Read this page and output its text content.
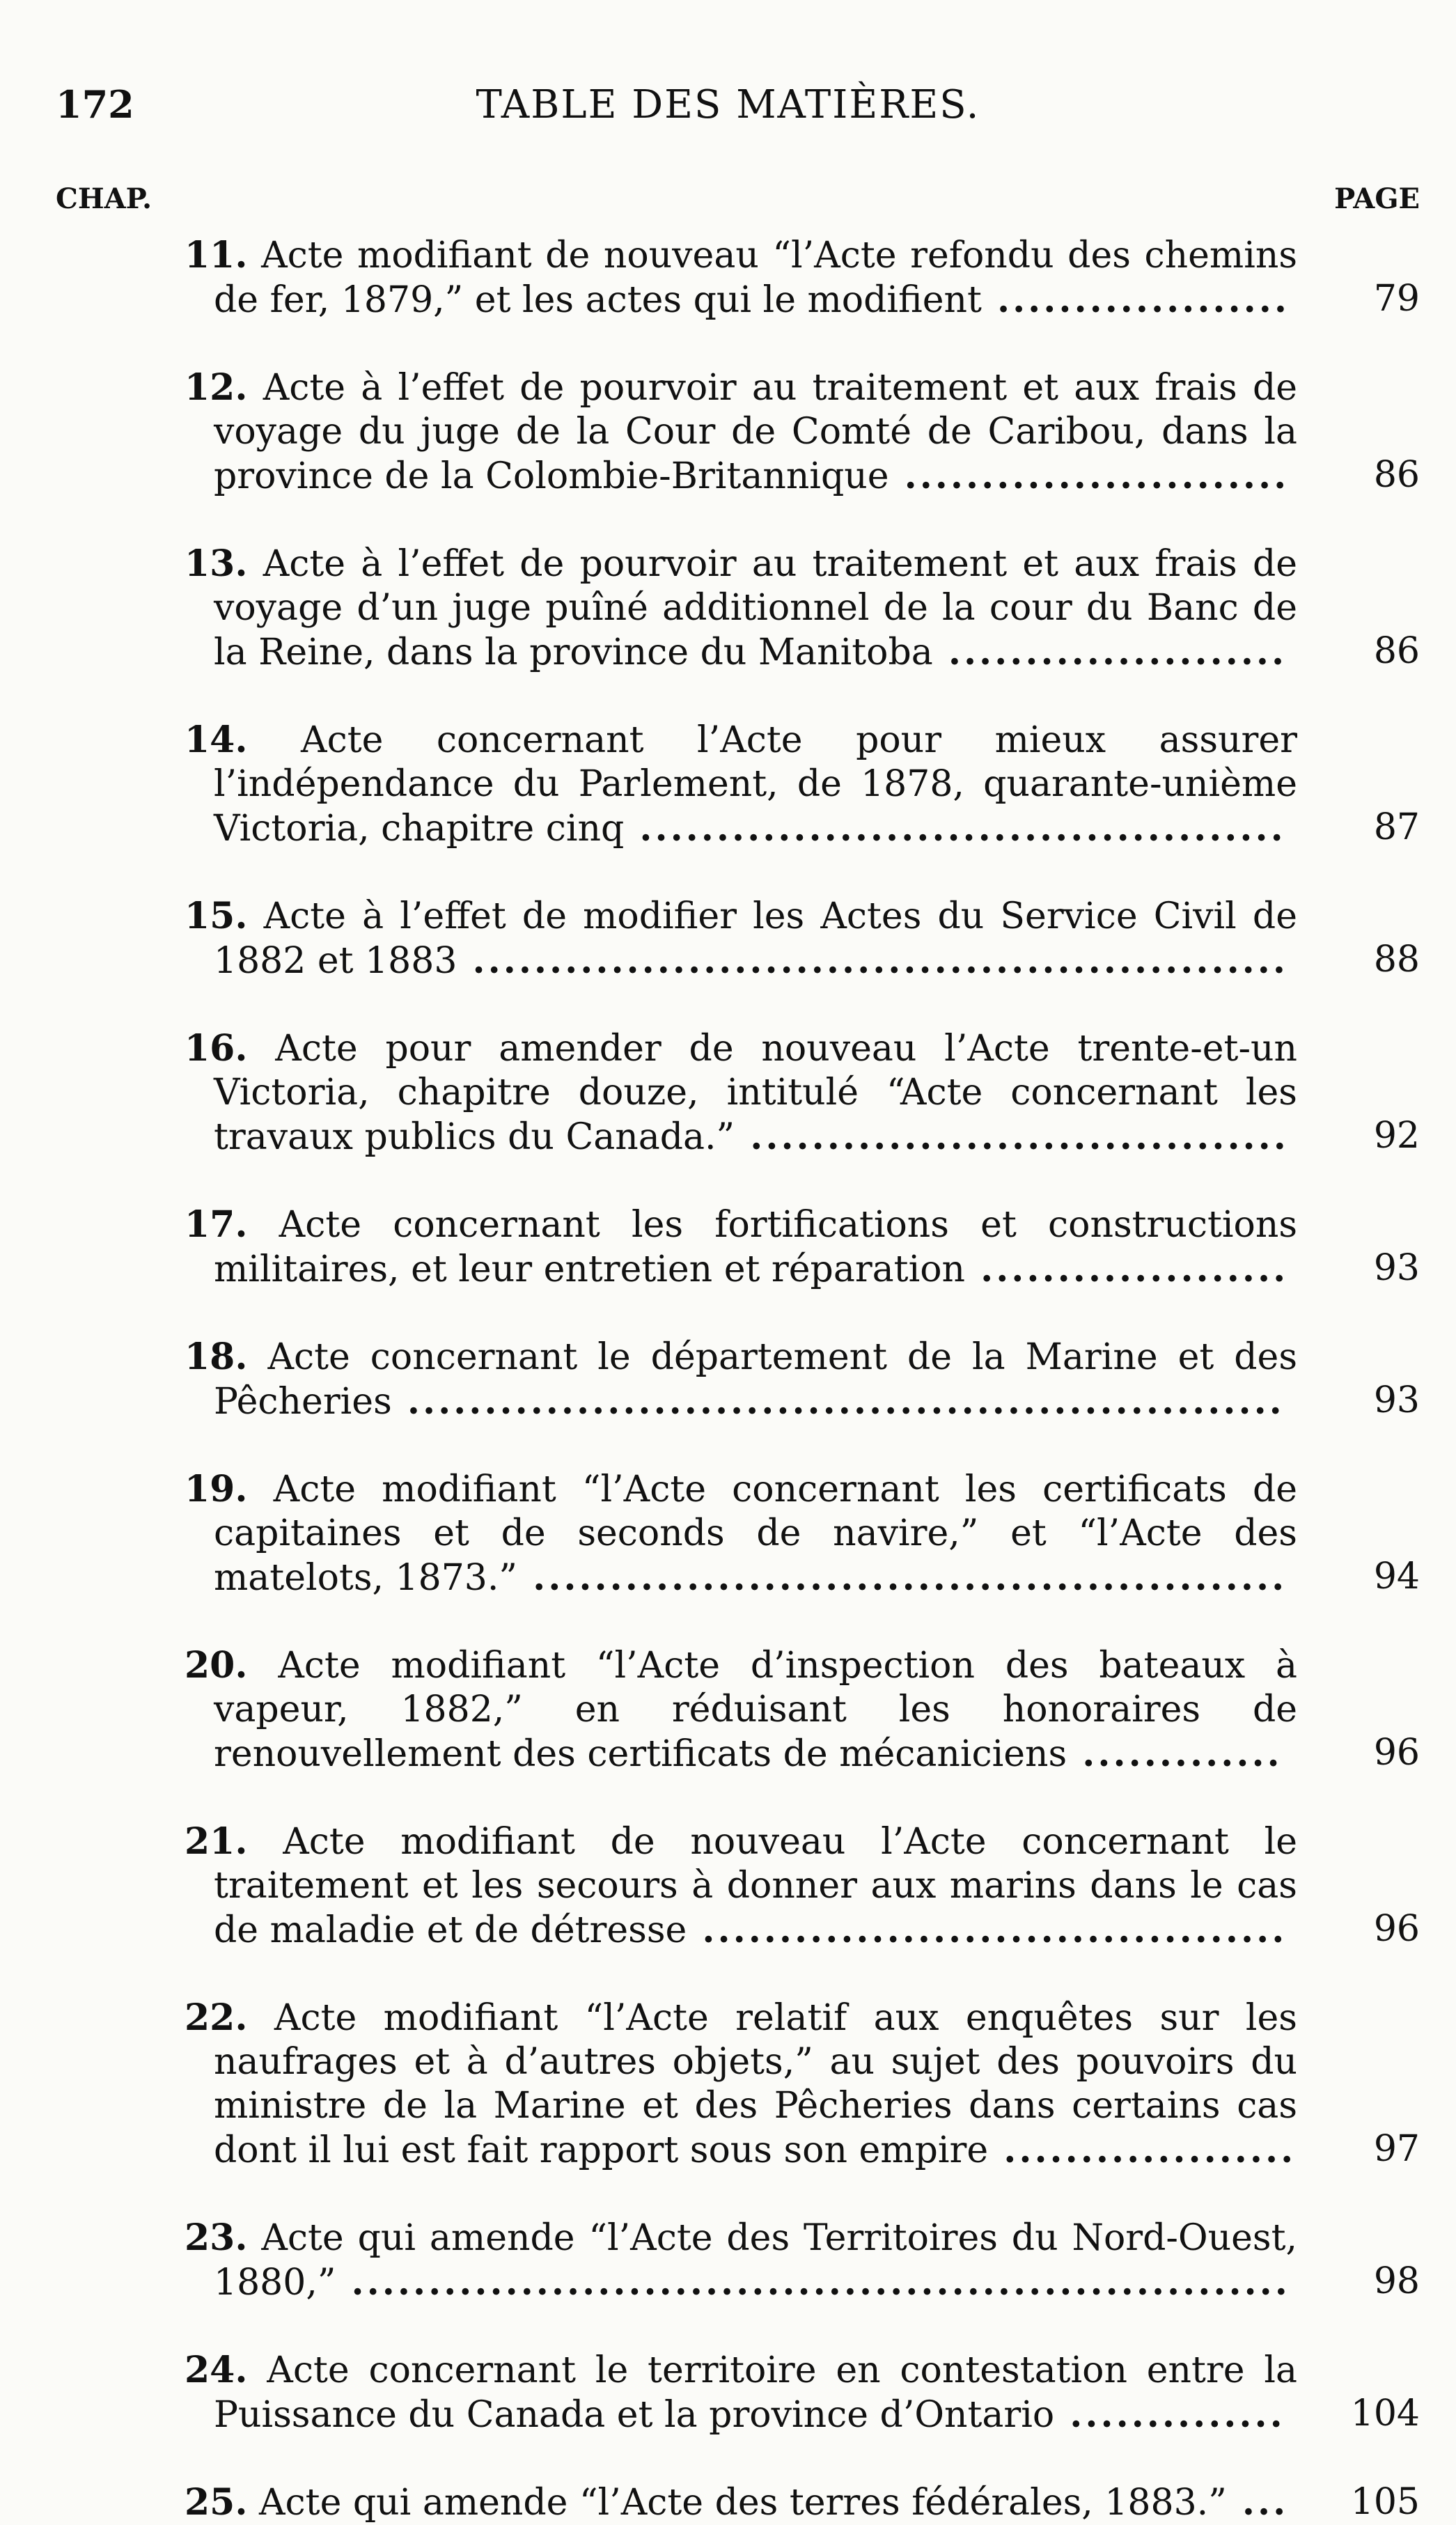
172	TABLE DES MATIÈRES.
CHAP.	PAGE
11. Acte modifiant de nouveau “l’Acte refondu des chemins de fer, 1879,” et les actes qui le modifient ...................	79
12. Acte à l’effet de pourvoir au traitement et aux frais de voyage du juge de la Cour de Comté de Caribou, dans la province de la Colombie-Britannique .........................	86
13. Acte à l’effet de pourvoir au traitement et aux frais de voyage d’un juge puîné additionnel de la cour du Banc de la Reine, dans la province du Manitoba ......................	86
14. Acte concernant l’Acte pour mieux assurer l’indépendance du Parlement, de 1878, quarante-unième Victoria, chapitre cinq ..........................................	87
15. Acte à l’effet de modifier les Actes du Service Civil de 1882 et 1883 .....................................................	88
16. Acte pour amender de nouveau l’Acte trente-et-un Victoria, chapitre douze, intitulé “Acte concernant les travaux publics du Canada.” ...................................	92
17. Acte concernant les fortifications et constructions militaires, et leur entretien et réparation ....................	93
18. Acte concernant le département de la Marine et des Pêcheries .........................................................	93
19. Acte modifiant “l’Acte concernant les certificats de capitaines et de seconds de navire,” et “l’Acte des matelots, 1873.” .................................................	94
20. Acte modifiant “l’Acte d’inspection des bateaux à vapeur, 1882,” en réduisant les honoraires de renouvellement des certificats de mécaniciens .............	96
21. Acte modifiant de nouveau l’Acte concernant le traitement et les secours à donner aux marins dans le cas de maladie et de détresse ......................................	96
22. Acte modifiant “l’Acte relatif aux enquêtes sur les naufrages et à d’autres objets,” au sujet des pouvoirs du ministre de la Marine et des Pêcheries dans certains cas dont il lui est fait rapport sous son empire ...................	97
23. Acte qui amende “l’Acte des Territoires du Nord-Ouest, 1880,” .............................................................	98
24. Acte concernant le territoire en contestation entre la Puissance du Canada et la province d’Ontario ..............	104
25. Acte qui amende “l’Acte des terres fédérales, 1883.” ... 105
